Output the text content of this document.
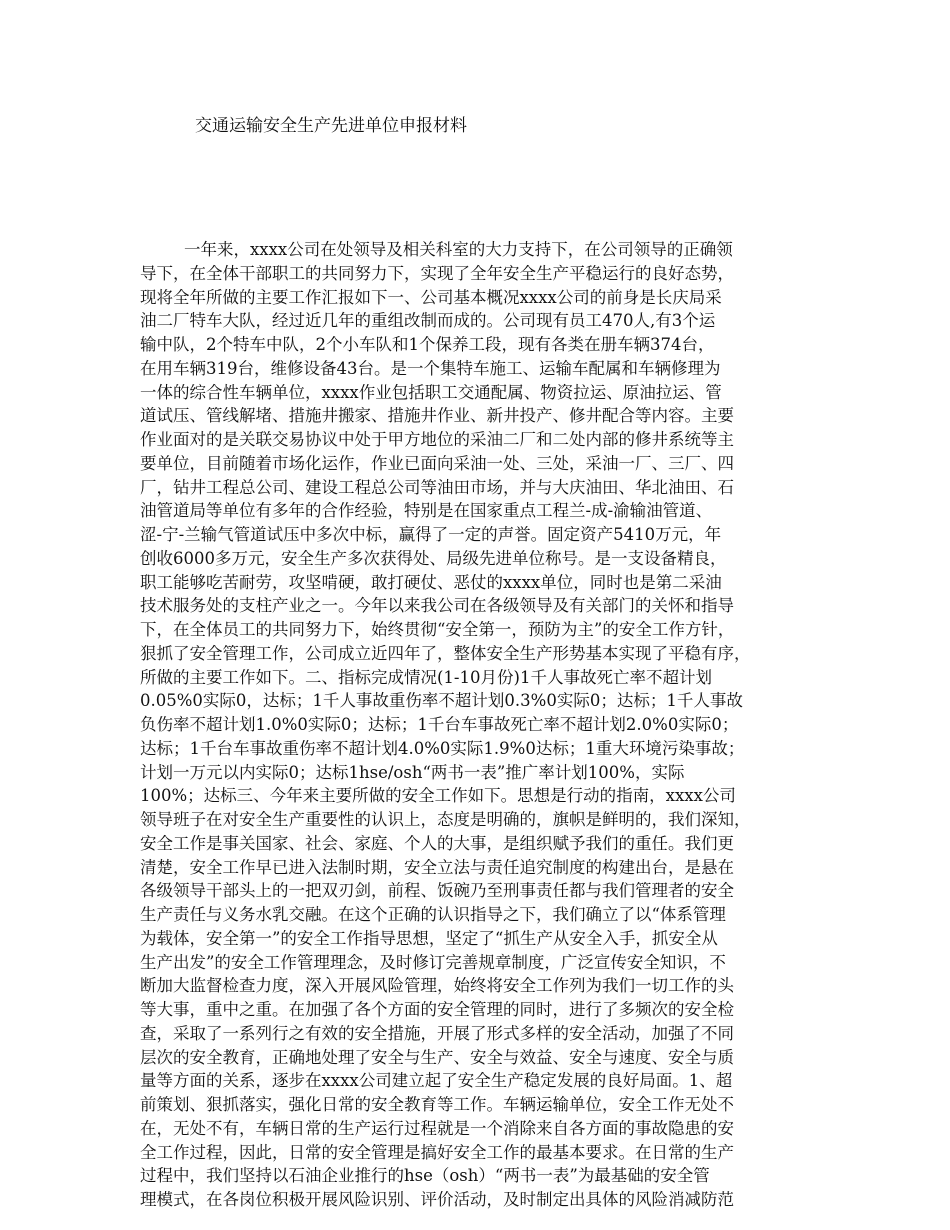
交通运输安全生产先进单位申报材料
一年来，xxxx公司在处领导及相关科室的大力支持下，在公司领导的正确领
导下，在全体干部职工的共同努力下，实现了全年安全生产平稳运行的良好态势，
现将全年所做的主要工作汇报如下一、公司基本概况xxxx公司的前身是长庆局采
油二厂特车大队，经过近几年的重组改制而成的。公司现有员工470人,有3个运
输中队，2个特车中队，2个小车队和1个保养工段，现有各类在册车辆374台，
在用车辆319台，维修设备43台。是一个集特车施工、运输车配属和车辆修理为
一体的综合性车辆单位，xxxx作业包括职工交通配属、物资拉运、原油拉运、管
道试压、管线解堵、措施井搬家、措施井作业、新井投产、修井配合等内容。主要
作业面对的是关联交易协议中处于甲方地位的采油二厂和二处内部的修井系统等主
要单位，目前随着市场化运作，作业已面向采油一处、三处，采油一厂、三厂、四
厂，钻井工程总公司、建设工程总公司等油田市场，并与大庆油田、华北油田、石
油管道局等单位有多年的合作经验，特别是在国家重点工程兰-成-渝输油管道、
涩-宁-兰输气管道试压中多次中标，赢得了一定的声誉。固定资产5410万元，年
创收6000多万元，安全生产多次获得处、局级先进单位称号。是一支设备精良，
职工能够吃苦耐劳，攻坚啃硬，敢打硬仗、恶仗的xxxx单位，同时也是第二采油
技术服务处的支柱产业之一。今年以来我公司在各级领导及有关部门的关怀和指导
下，在全体员工的共同努力下，始终贯彻“安全第一，预防为主”的安全工作方针，
狠抓了安全管理工作，公司成立近四年了，整体安全生产形势基本实现了平稳有序，
所做的主要工作如下。二、指标完成情况(1-10月份)1千人事故死亡率不超计划
0.05%0实际0，达标；1千人事故重伤率不超计划0.3%0实际0；达标；1千人事故
负伤率不超计划1.0%0实际0；达标；1千台车事故死亡率不超计划2.0%0实际0；
达标；1千台车事故重伤率不超计划4.0%0实际1.9%0达标；1重大环境污染事故；
计划一万元以内实际0；达标1hse/osh“两书一表”推广率计划100%，实际
100%；达标三、今年来主要所做的安全工作如下。思想是行动的指南，xxxx公司
领导班子在对安全生产重要性的认识上，态度是明确的，旗帜是鲜明的，我们深知，
安全工作是事关国家、社会、家庭、个人的大事，是组织赋予我们的重任。我们更
清楚，安全工作早已进入法制时期，安全立法与责任追究制度的构建出台，是悬在
各级领导干部头上的一把双刃剑，前程、饭碗乃至刑事责任都与我们管理者的安全
生产责任与义务水乳交融。在这个正确的认识指导之下，我们确立了以“体系管理
为载体，安全第一”的安全工作指导思想，坚定了“抓生产从安全入手，抓安全从
生产出发”的安全工作管理理念，及时修订完善规章制度，广泛宣传安全知识，不
断加大监督检查力度，深入开展风险管理，始终将安全工作列为我们一切工作的头
等大事，重中之重。在加强了各个方面的安全管理的同时，进行了多频次的安全检
查，采取了一系列行之有效的安全措施，开展了形式多样的安全活动，加强了不同
层次的安全教育，正确地处理了安全与生产、安全与效益、安全与速度、安全与质
量等方面的关系，逐步在xxxx公司建立起了安全生产稳定发展的良好局面。1、超
前策划、狠抓落实，强化日常的安全教育等工作。车辆运输单位，安全工作无处不
在，无处不有，车辆日常的生产运行过程就是一个消除来自各方面的事故隐患的安
全工作过程，因此，日常的安全管理是搞好安全工作的最基本要求。在日常的生产
过程中，我们坚持以石油企业推行的hse（osh）“两书一表”为最基础的安全管
理模式，在各岗位积极开展风险识别、评价活动，及时制定出具体的风险消减防范
